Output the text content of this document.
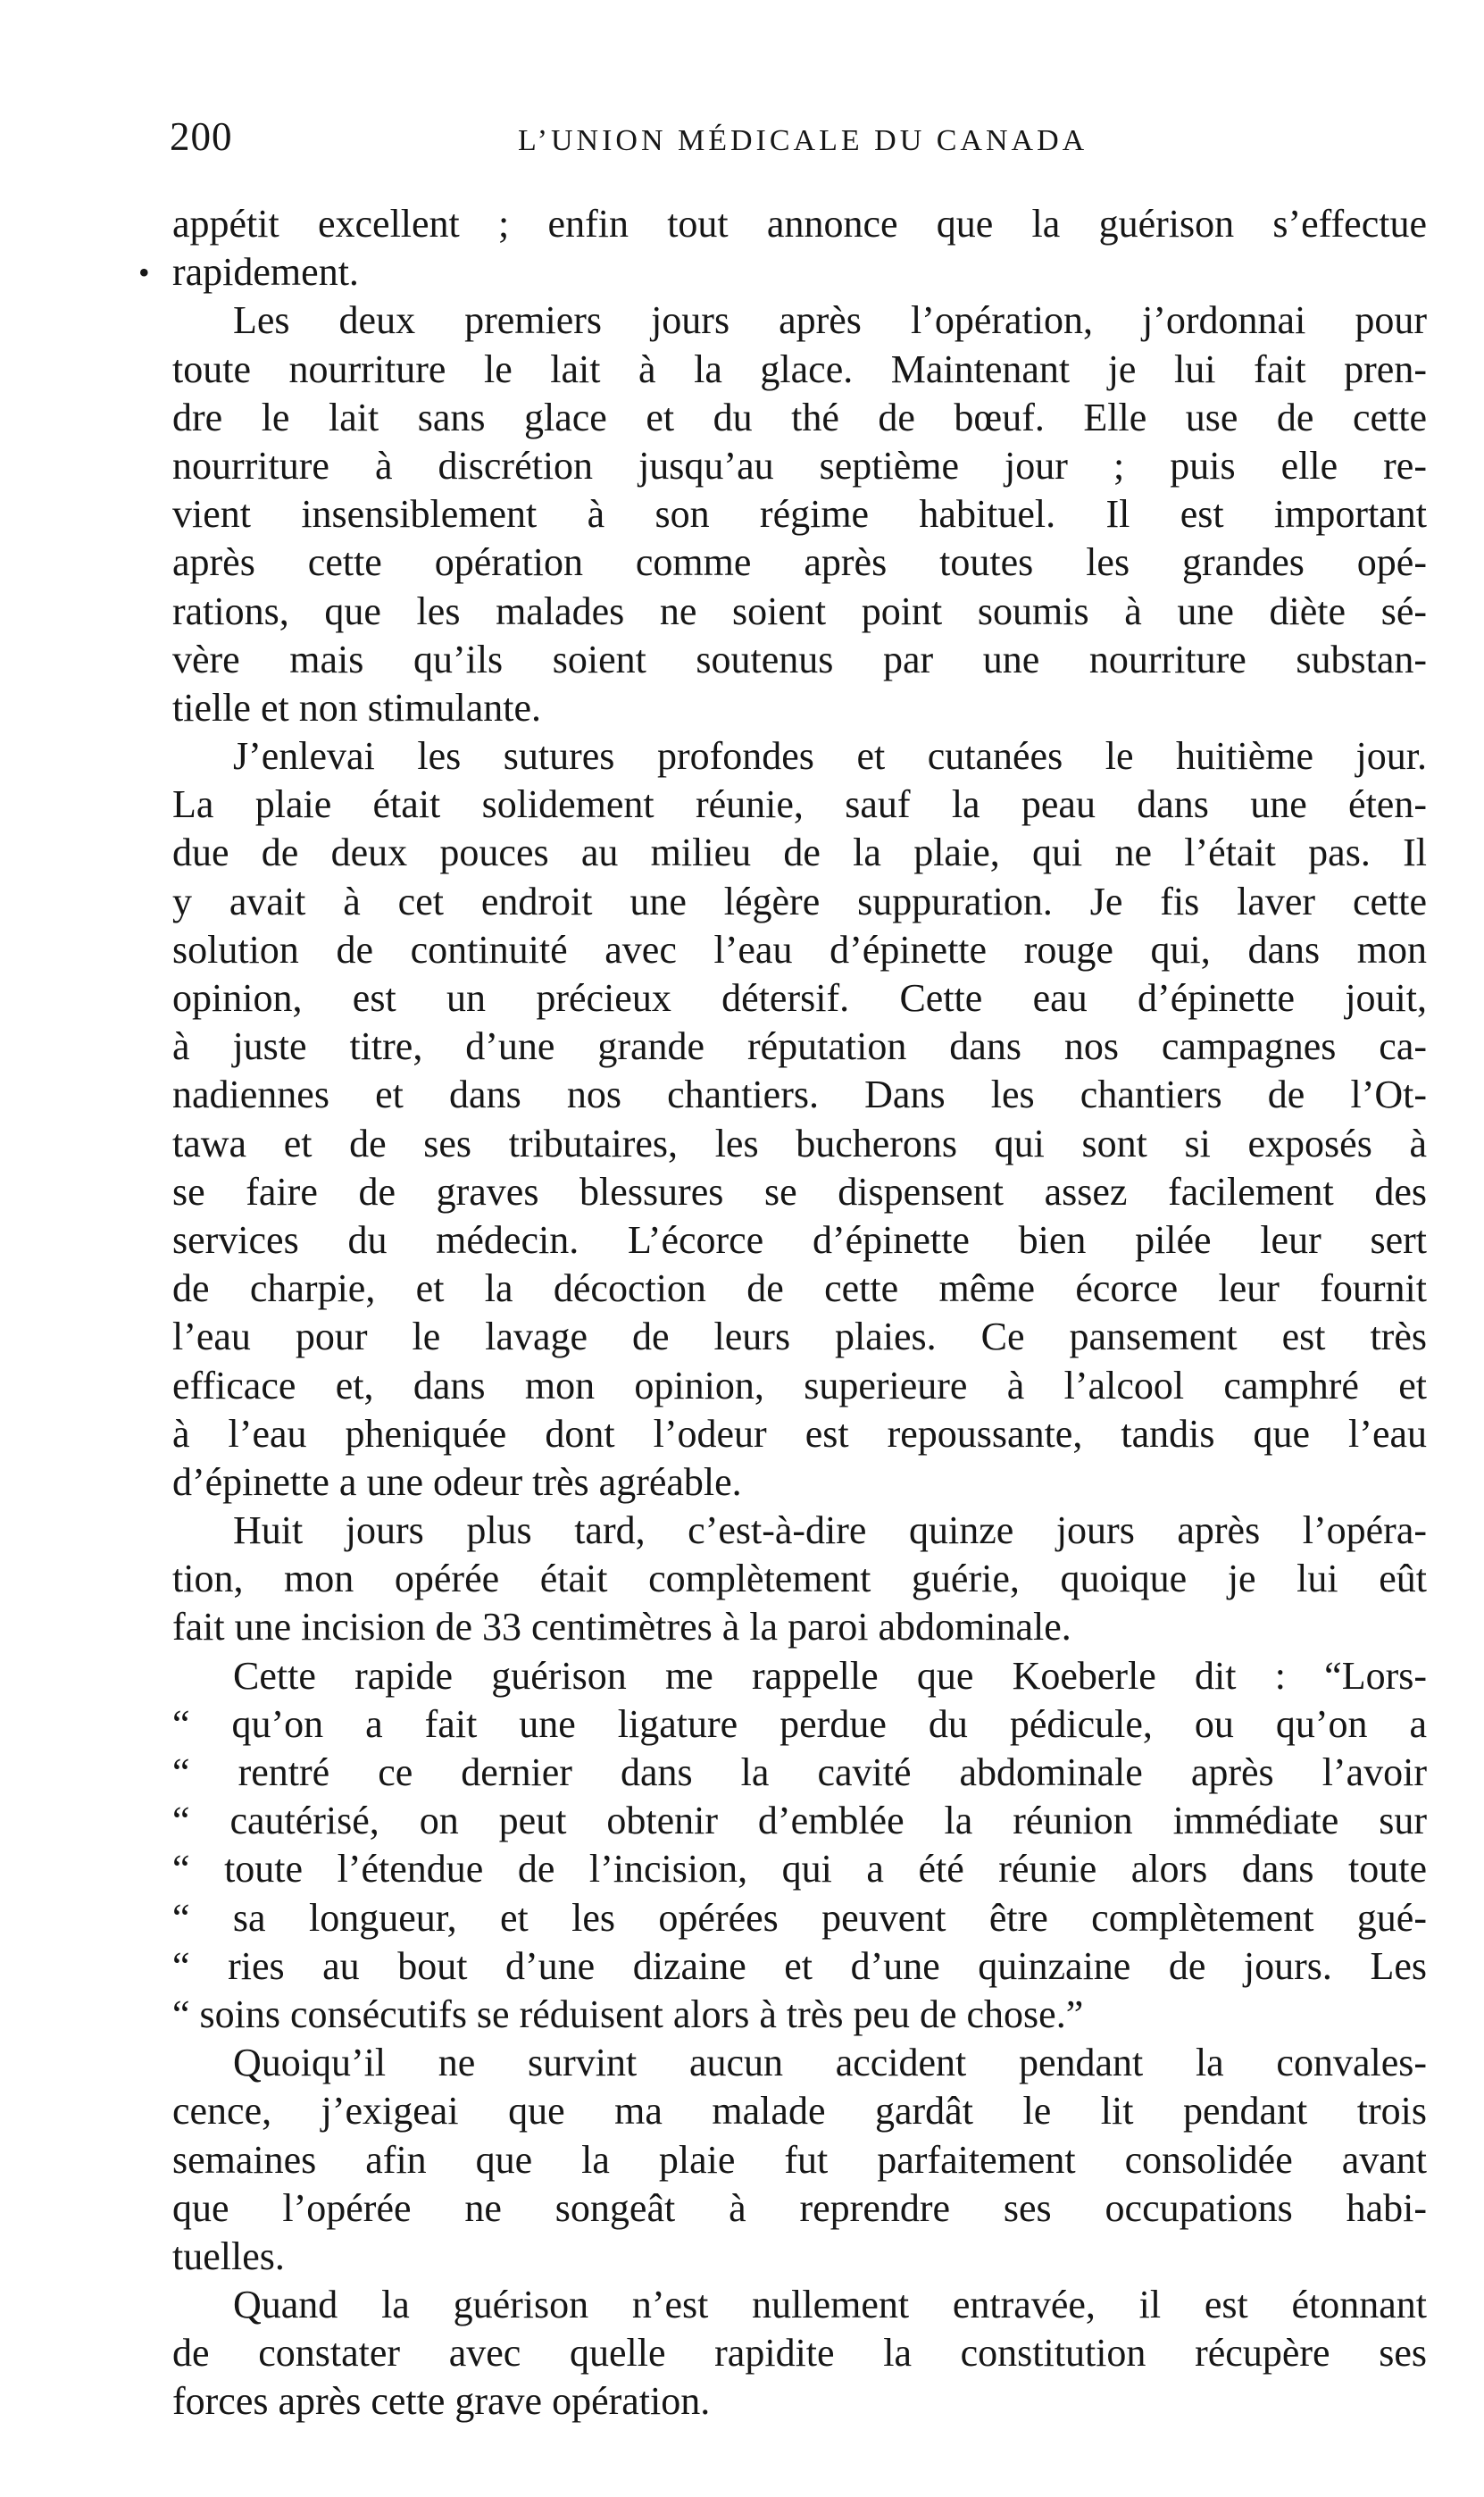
200	L’UNION MÉDICALE DU CANADA
appétit excellent ; enfin tout annonce que la guérison s’effectue
• rapidement.
Les deux premiers jours après l’opération, j’ordonnai pour
toute nourriture le lait à la glace. Maintenant je lui fait pren-
dre le lait sans glace et du thé de bœuf. Elle use de cette
nourriture à discrétion jusqu’au septième jour ; puis elle re-
vient insensiblement à son régime habituel. Il est important
après cette opération comme après toutes les grandes opé-
rations, que les malades ne soient point soumis à une diète sé-
vère mais qu’ils soient soutenus par une nourriture substan-
tielle et non stimulante.
J’enlevai les sutures profondes et cutanées le huitième jour.
La plaie était solidement réunie, sauf la peau dans une éten-
due de deux pouces au milieu de la plaie, qui ne l’était pas. Il
y avait à cet endroit une légère suppuration. Je fis laver cette
solution de continuité avec l’eau d’épinette rouge qui, dans mon
opinion, est un précieux détersif. Cette eau d’épinette jouit,
à juste titre, d’une grande réputation dans nos campagnes ca-
nadiennes et dans nos chantiers. Dans les chantiers de l’Ot-
tawa et de ses tributaires, les bucherons qui sont si exposés à
se faire de graves blessures se dispensent assez facilement des
services du médecin. L’écorce d’épinette bien pilée leur sert
de charpie, et la décoction de cette même écorce leur fournit
l’eau pour le lavage de leurs plaies. Ce pansement est très
efficace et, dans mon opinion, superieure à l’alcool camphré et
à l’eau pheniquée dont l’odeur est repoussante, tandis que l’eau
d’épinette a une odeur très agréable.
Huit jours plus tard, c’est-à-dire quinze jours après l’opéra-
tion, mon opérée était complètement guérie, quoique je lui eût
fait une incision de 33 centimètres à la paroi abdominale.
Cette rapide guérison me rappelle que Koeberle dit : “Lors-
“ qu’on a fait une ligature perdue du pédicule, ou qu’on a
“ rentré ce dernier dans la cavité abdominale après l’avoir
“ cautérisé, on peut obtenir d’emblée la réunion immédiate sur
“ toute l’étendue de l’incision, qui a été réunie alors dans toute
“ sa longueur, et les opérées peuvent être complètement gué-
“ ries au bout d’une dizaine et d’une quinzaine de jours. Les
“ soins consécutifs se réduisent alors à très peu de chose.”
Quoiqu’il ne survint aucun accident pendant la convales-
cence, j’exigeai que ma malade gardât le lit pendant trois
semaines afin que la plaie fut parfaitement consolidée avant
que l’opérée ne songeât à reprendre ses occupations habi-
tuelles.
Quand la guérison n’est nullement entravée, il est étonnant
de constater avec quelle rapidite la constitution récupère ses
forces après cette grave opération.
